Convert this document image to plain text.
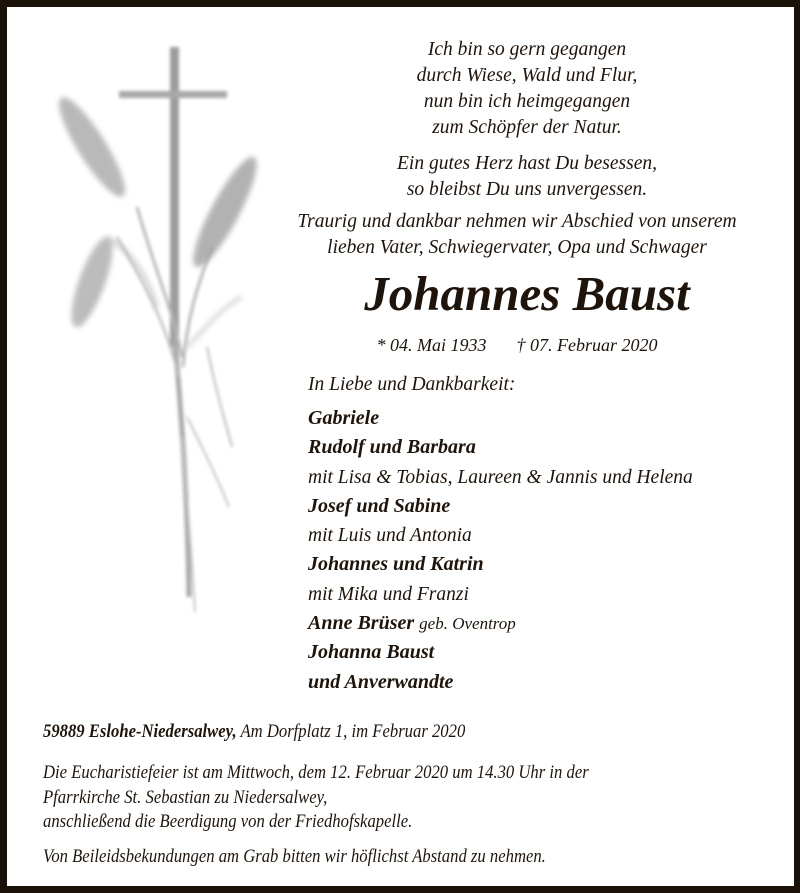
Ich bin so gern gegangen
durch Wiese, Wald und Flur,
nun bin ich heimgegangen
zum Schöpfer der Natur.
Ein gutes Herz hast Du besessen,
so bleibst Du uns unvergessen.
Traurig und dankbar nehmen wir Abschied von unserem
lieben Vater, Schwiegervater, Opa und Schwager
Johannes Baust
* 04. Mai 1933 † 07. Februar 2020
In Liebe und Dankbarkeit:
Gabriele
Rudolf und Barbara
mit Lisa & Tobias, Laureen & Jannis und Helena
Josef und Sabine
mit Luis und Antonia
Johannes und Katrin
mit Mika und Franzi
Anne Brüser geb. Oventrop
Johanna Baust
und Anverwandte
59889 Eslohe-Niedersalwey, Am Dorfplatz 1, im Februar 2020
Die Eucharistiefeier ist am Mittwoch, dem 12. Februar 2020 um 14.30 Uhr in der
Pfarrkirche St. Sebastian zu Niedersalwey,
anschließend die Beerdigung von der Friedhofskapelle.
Von Beileidsbekundungen am Grab bitten wir höflichst Abstand zu nehmen.
